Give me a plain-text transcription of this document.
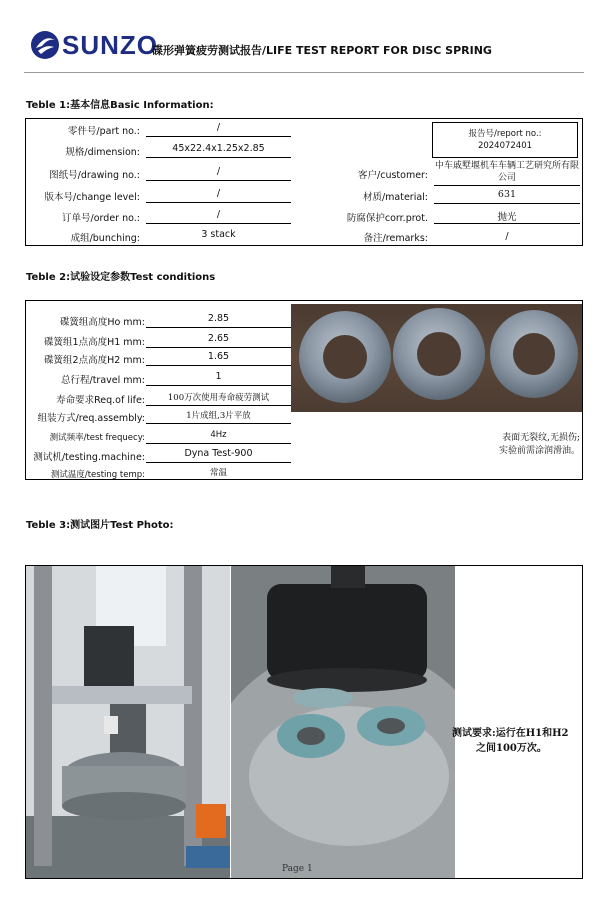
SUNZO
碟形弹簧疲劳测试报告/LIFE TEST REPORT FOR DISC SPRING
Teble 1:基本信息Basic Information:
零件号/part no.:	/
规格/dimension:	45x22.4x1.25x2.85
图纸号/drawing no.:	/
版本号/change level:	/
订单号/order no.:	/
成组/bunching:	3 stack
报告号/report no.:
2024072401
客户/customer:
中车戚墅堰机车车辆工艺研究所有限公司
材质/material:	631
防腐保护corr.prot.	抛光
备注/remarks:	/
Teble 2:试验设定参数Test conditions
碟簧组高度Ho mm:	2.85
碟簧组1点高度H1 mm:	2.65
碟簧组2点高度H2 mm:	1.65
总行程/travel mm:	1
寿命要求Req.of life:	100万次使用寿命疲劳测试
组装方式/req.assembly:	1片成组,3片平放
测试频率/test frequecy:	4Hz
测试机/testing.machine:	Dyna Test-900
测试温度/testing temp:	常温
表面无裂纹,无损伤;
实验前需涂润滑油。
Teble 3:测试图片Test Photo:
测试要求:运行在H1和H2
之间100万次。
Page 1
